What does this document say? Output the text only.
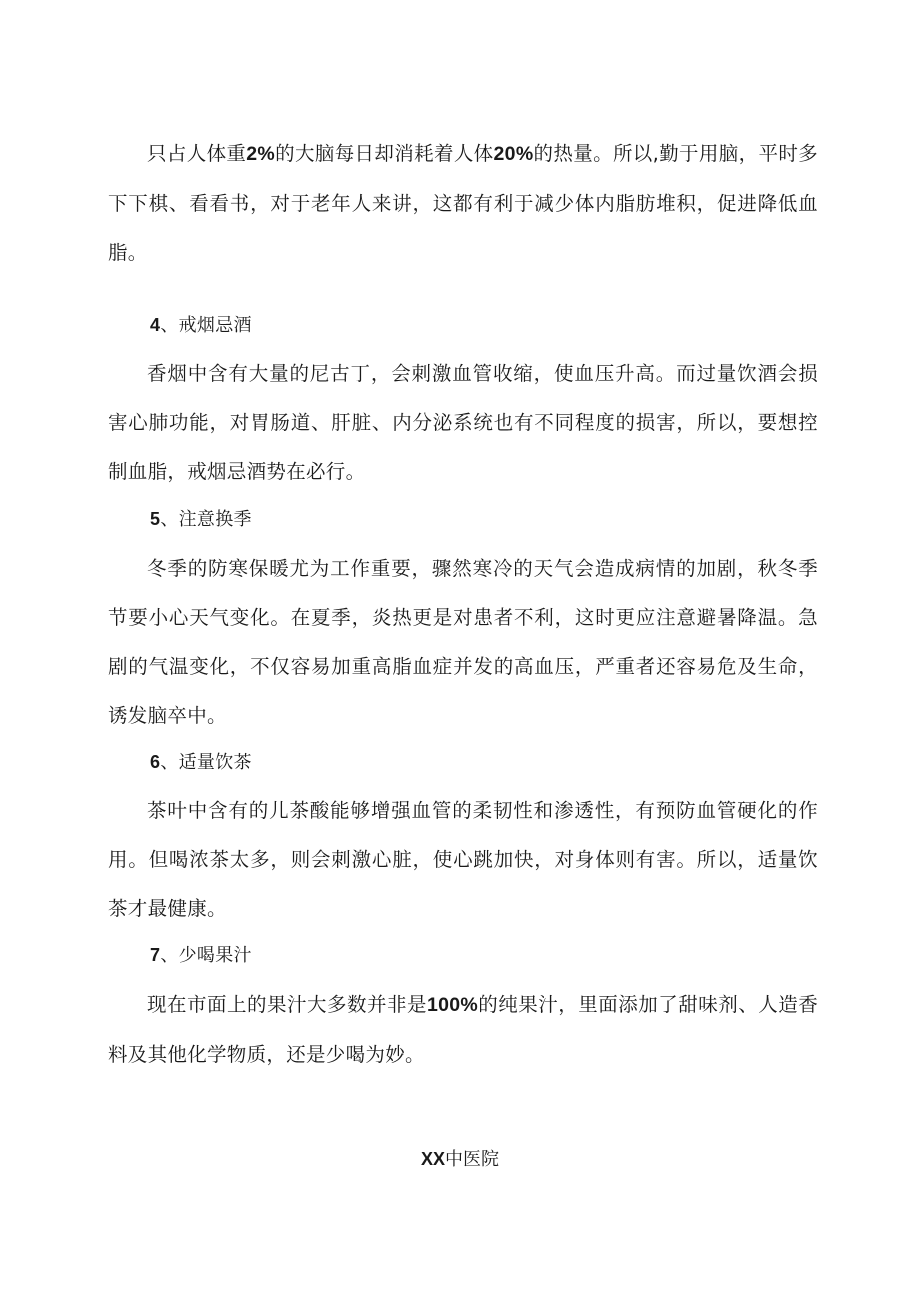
只占人体重2%的大脑每日却消耗着人体20%的热量。所以,勤于用脑，平时多下下棋、看看书，对于老年人来讲，这都有利于减少体内脂肪堆积，促进降低血脂。

4、戒烟忌酒

香烟中含有大量的尼古丁，会刺激血管收缩，使血压升高。而过量饮酒会损害心肺功能，对胃肠道、肝脏、内分泌系统也有不同程度的损害，所以，要想控制血脂，戒烟忌酒势在必行。

5、注意换季

冬季的防寒保暖尤为工作重要，骤然寒冷的天气会造成病情的加剧，秋冬季节要小心天气变化。在夏季，炎热更是对患者不利，这时更应注意避暑降温。急剧的气温变化，不仅容易加重高脂血症并发的高血压，严重者还容易危及生命，诱发脑卒中。

6、适量饮茶

茶叶中含有的儿茶酸能够增强血管的柔韧性和渗透性，有预防血管硬化的作用。但喝浓茶太多，则会刺激心脏，使心跳加快，对身体则有害。所以，适量饮茶才最健康。

7、少喝果汁

现在市面上的果汁大多数并非是100%的纯果汁，里面添加了甜味剂、人造香料及其他化学物质，还是少喝为妙。

XX中医院
